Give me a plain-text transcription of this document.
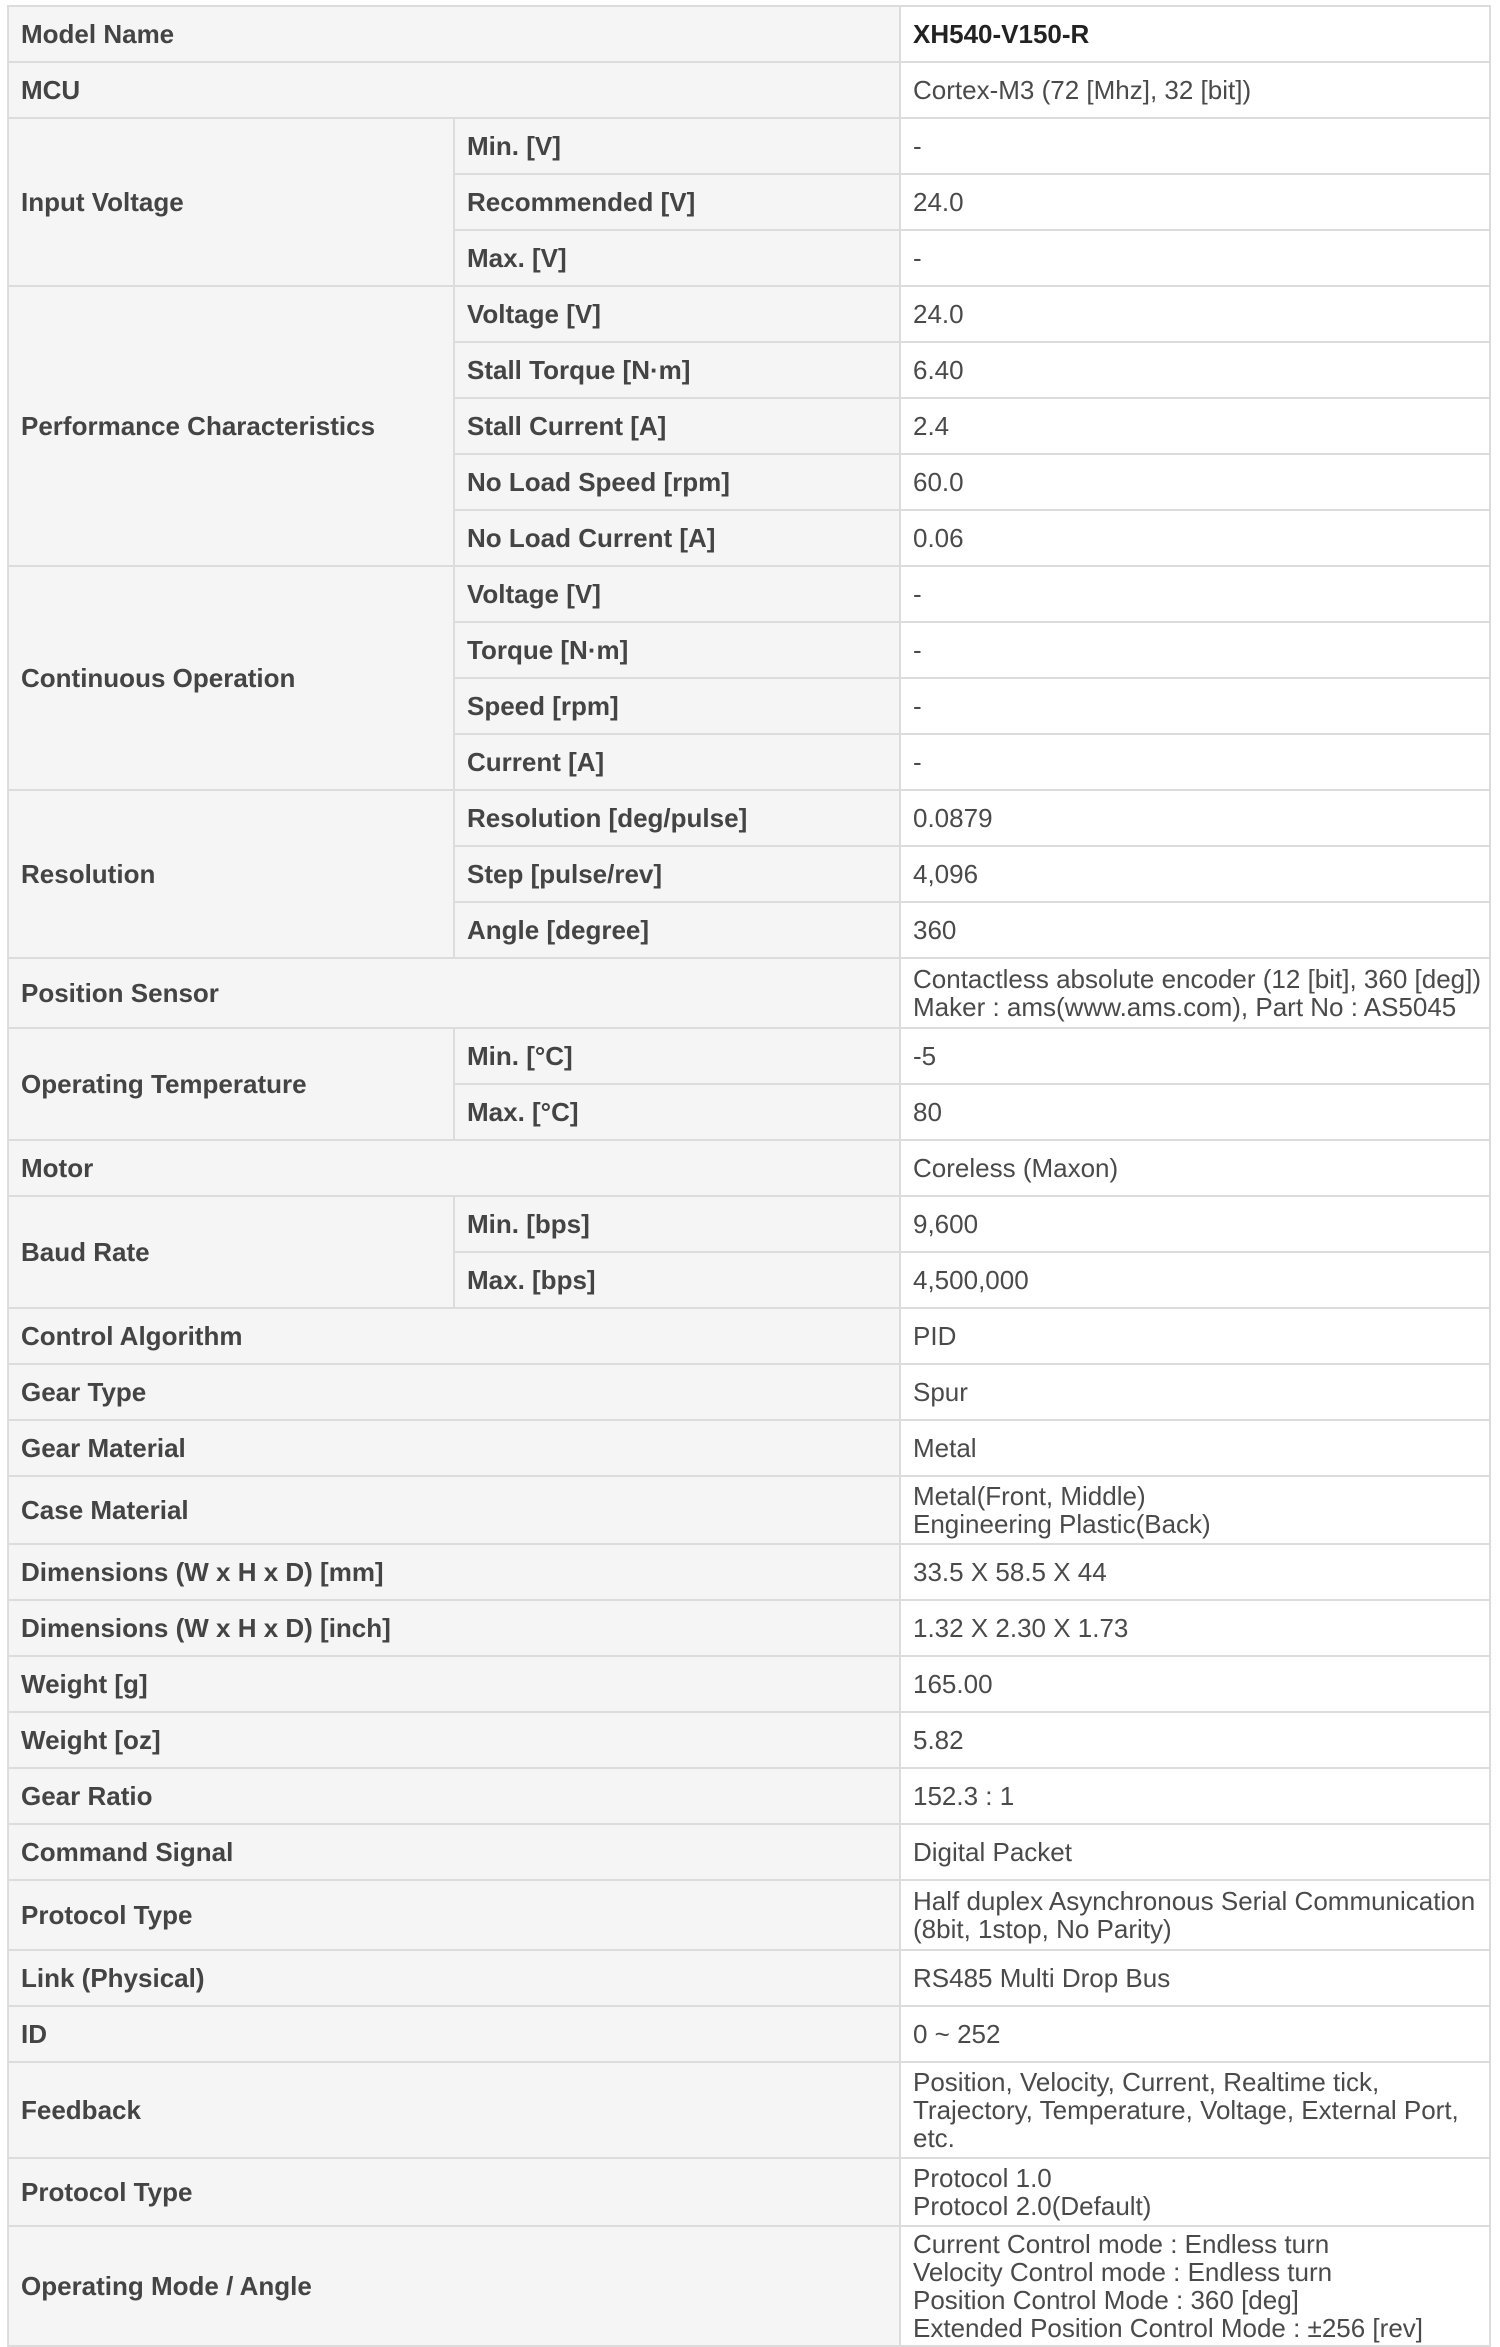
Model Name		XH540-V150-R

MCU		Cortex-M3 (72 [Mhz], 32 [bit])

Input Voltage	Min. [V]	-

	Recommended [V]	24.0

	Max. [V]	-

Performance Characteristics	Voltage [V]	24.0

	Stall Torque [N·m]	6.40

	Stall Current [A]	2.4

	No Load Speed [rpm]	60.0

	No Load Current [A]	0.06

Continuous Operation	Voltage [V]	-

	Torque [N·m]	-

	Speed [rpm]	-

	Current [A]	-

Resolution	Resolution [deg/pulse]	0.0879

	Step [pulse/rev]	4,096

	Angle [degree]	360

Position Sensor		Contactless absolute encoder (12 [bit], 360 [deg])
Maker : ams(www.ams.com), Part No : AS5045

Operating Temperature	Min. [°C]	-5

	Max. [°C]	80

Motor		Coreless (Maxon)

Baud Rate	Min. [bps]	9,600

	Max. [bps]	4,500,000

Control Algorithm		PID

Gear Type		Spur

Gear Material		Metal

Case Material		Metal(Front, Middle)
Engineering Plastic(Back)

Dimensions (W x H x D) [mm]		33.5 X 58.5 X 44

Dimensions (W x H x D) [inch]		1.32 X 2.30 X 1.73

Weight [g]		165.00

Weight [oz]		5.82

Gear Ratio		152.3 : 1

Command Signal		Digital Packet

Protocol Type		Half duplex Asynchronous Serial Communication
(8bit, 1stop, No Parity)

Link (Physical)		RS485 Multi Drop Bus

ID		0 ~ 252

Feedback		Position, Velocity, Current, Realtime tick,
Trajectory, Temperature, Voltage, External Port,
etc.

Protocol Type		Protocol 1.0
Protocol 2.0(Default)

Operating Mode / Angle		Current Control mode : Endless turn
Velocity Control mode : Endless turn
Position Control Mode : 360 [deg]
Extended Position Control Mode : ±256 [rev]
